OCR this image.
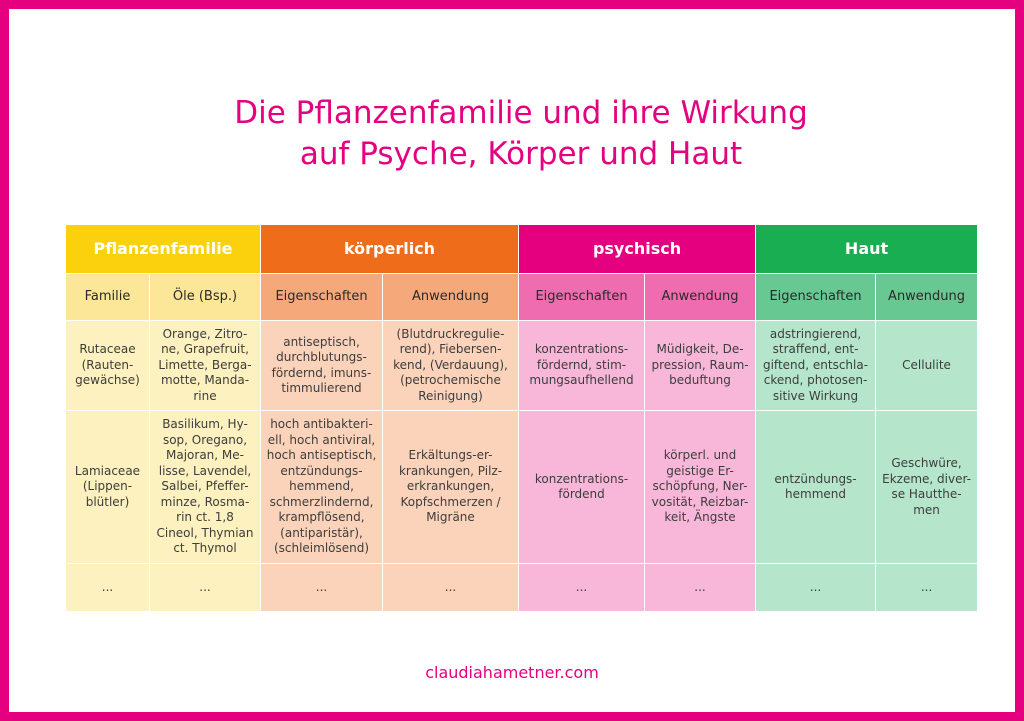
Die Pflanzenfamilie und ihre Wirkung
auf Psyche, Körper und Haut
Pflanzenfamilie		körperlich		psychisch		Haut	
Familie	Öle (Bsp.)	Eigenschaften	Anwendung	Eigenschaften	Anwendung	Eigenschaften	Anwendung
Rutaceae (Rauten-gewächse)	Orange, Zitro-ne, Grapefruit, Limette, Berga-motte, Manda-rine	antiseptisch, durchblutungs-fördernd, imuns-timmulierend	(Blutdruckregulie-rend), Fiebersen-kend, (Verdauung), (petrochemische Reinigung)	konzentrations-fördernd, stim-mungsaufhellend	Müdigkeit, De-pression, Raum-beduftung	adstringierend, straffend, ent-giftend, entschla-ckend, photosen-sitive Wirkung	Cellulite
Lamiaceae (Lippen-blütler)	Basilikum, Hy-sop, Oregano, Majoran, Me-lisse, Lavendel, Salbei, Pfeffer-minze, Rosma-rin ct. 1,8 Cineol, Thymian ct. Thymol	hoch antibakteri-ell, hoch antiviral, hoch antiseptisch, entzündungs-hemmend, schmerzlindernd, krampflösend, (antiparistär), (schleimlösend)	Erkältungs-er-krankungen, Pilz-erkrankungen, Kopfschmerzen / Migräne	konzentrations-fördend	körperl. und geistige Er-schöpfung, Ner-vosität, Reizbar-keit, Ängste	entzündungs-hemmend	Geschwüre, Ekzeme, diver-se Hautthe-men
...	...	...	...	...	...	...	...
claudiahametner.com
